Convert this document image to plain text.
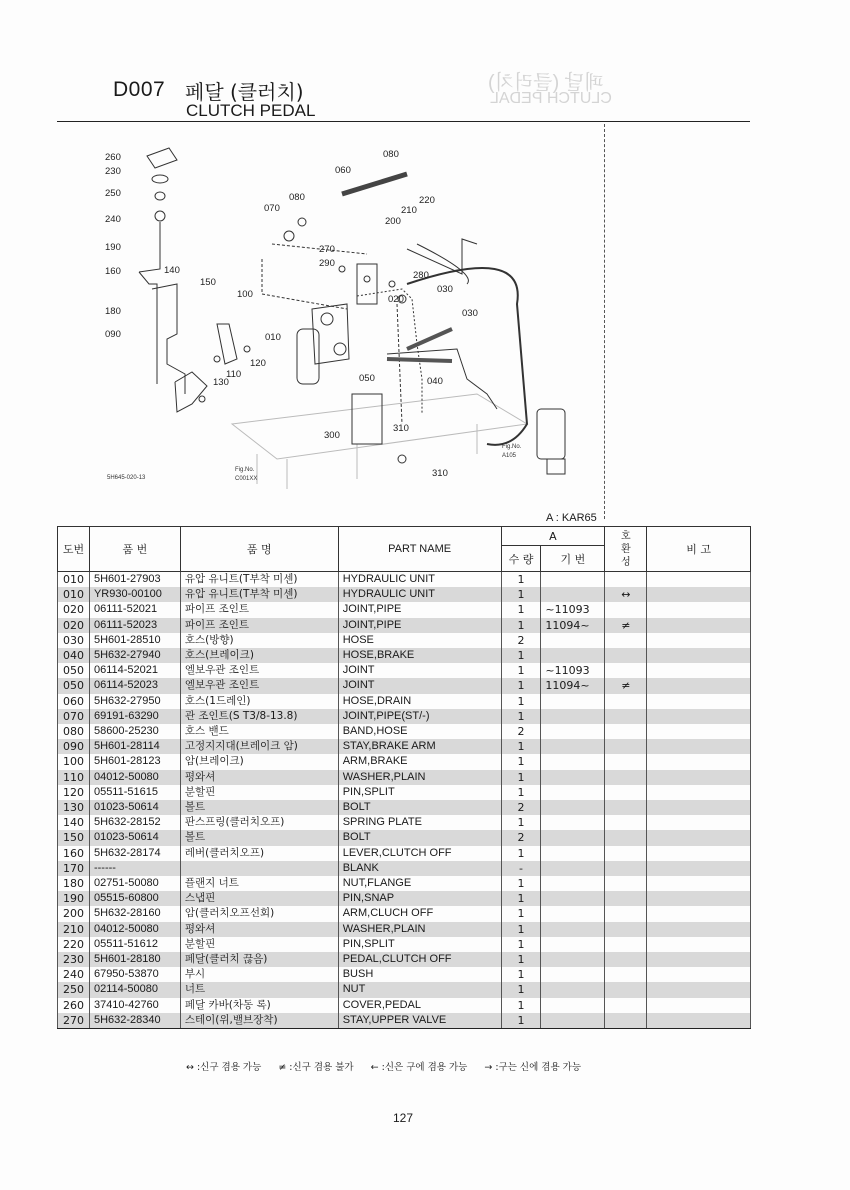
페달 (클러치)
CLUTCH PEDAL
D007 페달 (클러치)
CLUTCH PEDAL
260
230
250
240
190
160	140
150
180
090
100
010
110
120
130
070
080
060
080
220
210
200
270
290
280
020
030
030
050	040
310
300
310
Fig.No.
C001XX
Fig.No.
A105
5H645-020-13
A : KAR65
도번	품 번	품 명	PART NAME	A		호 환 성	비 고
				수 량	기 번		
010	5H601-27903	유압 유니트(T부착 미센)	HYDRAULIC UNIT	1			
010	YR930-00100	유압 유니트(T부착 미센)	HYDRAULIC UNIT	1		↔	
020	06111-52021	파이프 조인트	JOINT,PIPE	1	~11093		
020	06111-52023	파이프 조인트	JOINT,PIPE	1	11094~	≠	
030	5H601-28510	호스(방향)	HOSE	2			
040	5H632-27940	호스(브레이크)	HOSE,BRAKE	1			
050	06114-52021	엘보우관 조인트	JOINT	1	~11093		
050	06114-52023	엘보우관 조인트	JOINT	1	11094~	≠	
060	5H632-27950	호스(1드레인)	HOSE,DRAIN	1			
070	69191-63290	관 조인트(S T3/8-13.8)	JOINT,PIPE(ST/-)	1			
080	58600-25230	호스 밴드	BAND,HOSE	2			
090	5H601-28114	고정지지대(브레이크 암)	STAY,BRAKE ARM	1			
100	5H601-28123	암(브레이크)	ARM,BRAKE	1			
110	04012-50080	평와셔	WASHER,PLAIN	1			
120	05511-51615	분할핀	PIN,SPLIT	1			
130	01023-50614	볼트	BOLT	2			
140	5H632-28152	판스프링(클러치오프)	SPRING PLATE	1			
150	01023-50614	볼트	BOLT	2			
160	5H632-28174	레버(클러치오프)	LEVER,CLUTCH OFF	1			
170	------		BLANK	-			
180	02751-50080	플랜지 너트	NUT,FLANGE	1			
190	05515-60800	스냅핀	PIN,SNAP	1			
200	5H632-28160	암(클러치오프선회)	ARM,CLUCH OFF	1			
210	04012-50080	평와셔	WASHER,PLAIN	1			
220	05511-51612	분할핀	PIN,SPLIT	1			
230	5H601-28180	페달(클러치 끊음)	PEDAL,CLUTCH OFF	1			
240	67950-53870	부시	BUSH	1			
250	02114-50080	너트	NUT	1			
260	37410-42760	페달 카바(차동 록)	COVER,PEDAL	1			
270	5H632-28340	스테이(위,밸브장착)	STAY,UPPER VALVE	1			
↔ :신구 겸용 가능 ≠ :신구 겸용 불가 ← :신은 구에 겸용 가능 → :구는 신에 겸용 가능
127
